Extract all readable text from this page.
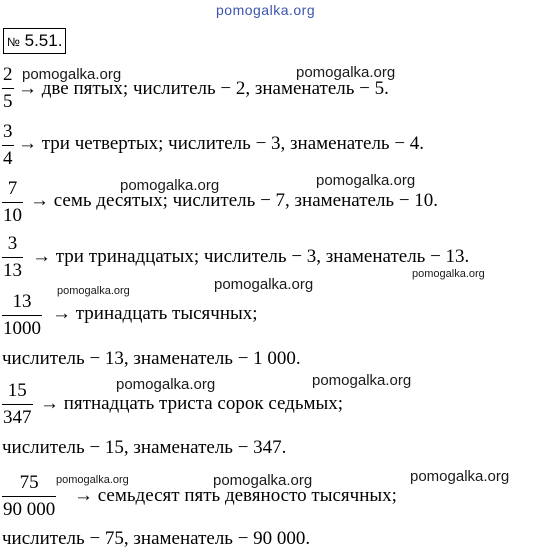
pomogalka.org
№ 5.51.
2
5
→ две пятых; числитель − 2, знаменатель − 5.
3
4
→ три четвертых; числитель − 3, знаменатель − 4.
7
10
→ семь десятых; числитель − 7, знаменатель − 10.
3
13
→ три тринадцатых; числитель − 3, знаменатель − 13.
13
1000
→ тринадцать тысячных;
числитель − 13, знаменатель − 1 000.
15
347
→ пятнадцать триста сорок седьмых;
числитель − 15, знаменатель − 347.
75
90 000
→ семьдесят пять девяносто тысячных;
числитель − 75, знаменатель − 90 000.
pomogalka.org	pomogalka.org
pomogalka.org	pomogalka.org
pomogalka.org
pomogalka.org
pomogalka.org
pomogalka.org	pomogalka.org
pomogalka.org	pomogalka.org	pomogalka.org
